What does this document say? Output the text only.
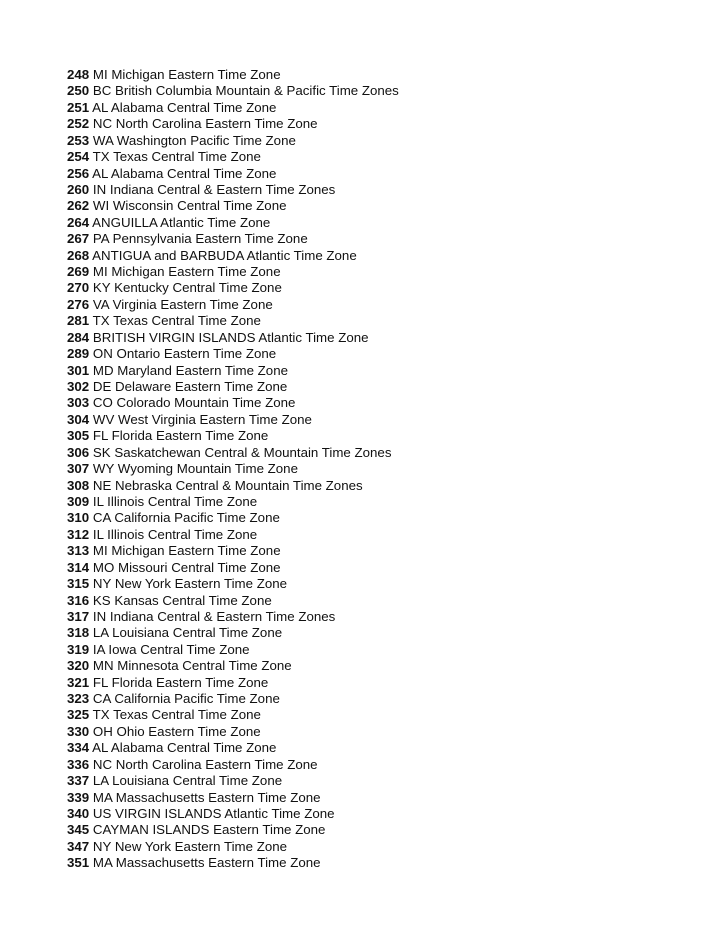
248 MI Michigan Eastern Time Zone
250 BC British Columbia Mountain & Pacific Time Zones
251 AL Alabama Central Time Zone
252 NC North Carolina Eastern Time Zone
253 WA Washington Pacific Time Zone
254 TX Texas Central Time Zone
256 AL Alabama Central Time Zone
260 IN Indiana Central & Eastern Time Zones
262 WI Wisconsin Central Time Zone
264 ANGUILLA Atlantic Time Zone
267 PA Pennsylvania Eastern Time Zone
268 ANTIGUA and BARBUDA Atlantic Time Zone
269 MI Michigan Eastern Time Zone
270 KY Kentucky Central Time Zone
276 VA Virginia Eastern Time Zone
281 TX Texas Central Time Zone
284 BRITISH VIRGIN ISLANDS Atlantic Time Zone
289 ON Ontario Eastern Time Zone
301 MD Maryland Eastern Time Zone
302 DE Delaware Eastern Time Zone
303 CO Colorado Mountain Time Zone
304 WV West Virginia Eastern Time Zone
305 FL Florida Eastern Time Zone
306 SK Saskatchewan Central & Mountain Time Zones
307 WY Wyoming Mountain Time Zone
308 NE Nebraska Central & Mountain Time Zones
309 IL Illinois Central Time Zone
310 CA California Pacific Time Zone
312 IL Illinois Central Time Zone
313 MI Michigan Eastern Time Zone
314 MO Missouri Central Time Zone
315 NY New York Eastern Time Zone
316 KS Kansas Central Time Zone
317 IN Indiana Central & Eastern Time Zones
318 LA Louisiana Central Time Zone
319 IA Iowa Central Time Zone
320 MN Minnesota Central Time Zone
321 FL Florida Eastern Time Zone
323 CA California Pacific Time Zone
325 TX Texas Central Time Zone
330 OH Ohio Eastern Time Zone
334 AL Alabama Central Time Zone
336 NC North Carolina Eastern Time Zone
337 LA Louisiana Central Time Zone
339 MA Massachusetts Eastern Time Zone
340 US VIRGIN ISLANDS Atlantic Time Zone
345 CAYMAN ISLANDS Eastern Time Zone
347 NY New York Eastern Time Zone
351 MA Massachusetts Eastern Time Zone
